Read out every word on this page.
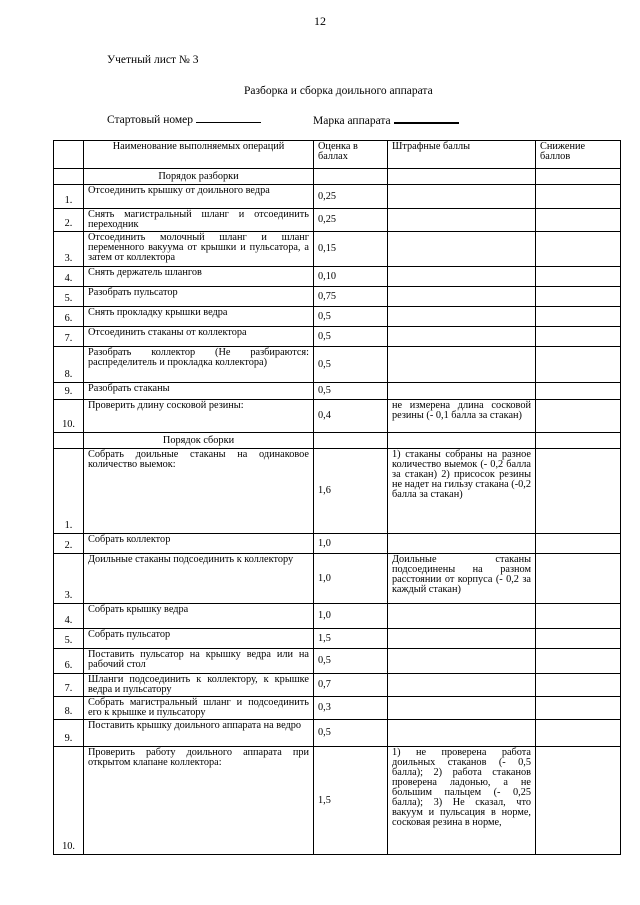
12
Учетный лист № 3
Разборка и сборка доильного аппарата
Стартовый номер	Марка аппарата
	Наименование выполняемых операций	Оценка в баллах	Штрафные баллы	Снижение баллов
	Порядок разборки			
1.	Отсоединить крышку от доильного ведра	0,25		
2.	Снять магистральный шланг и отсоединить переходник	0,25		
3.	Отсоединить молочный шланг и шланг переменного вакуума от крышки и пульсатора, а затем от коллектора	0,15		
4.	Снять держатель шлангов	0,10		
5.	Разобрать пульсатор	0,75		
6.	Снять прокладку крышки ведра	0,5		
7.	Отсоединить стаканы от коллектора	0,5		
8.	Разобрать коллектор (Не разбираются: распределитель и прокладка коллектора)	0,5		
9.	Разобрать стаканы	0,5		
10.	Проверить длину сосковой резины:	0,4	не измерена длина сосковой резины (- 0,1 балла за стакан)	
	Порядок сборки			
1.	Собрать доильные стаканы на одинаковое количество выемок:	1,6	1) стаканы собраны на разное количество выемок (- 0,2 балла за стакан) 2) присосок резины не надет на гильзу стакана (-0,2 балла за стакан)	
2.	Собрать коллектор	1,0		
3.	Доильные стаканы подсоединить к коллектору	1,0	Доильные стаканы подсоединены на разном расстоянии от корпуса (- 0,2 за каждый стакан)	
4.	Собрать крышку ведра	1,0		
5.	Собрать пульсатор	1,5		
6.	Поставить пульсатор на крышку ведра или на рабочий стол	0,5		
7.	Шланги подсоединить к коллектору, к крышке ведра и пульсатору	0,7		
8.	Собрать магистральный шланг и подсоединить его к крышке и пульсатору	0,3		
9.	Поставить крышку доильного аппарата на ведро	0,5		
10.	Проверить работу доильного аппарата при открытом клапане коллектора:	1,5	1) не проверена работа доильных стаканов (- 0,5 балла); 2) работа стаканов проверена ладонью, а не большим пальцем (- 0,25 балла); 3) Не сказал, что вакуум и пульсация в норме, сосковая резина в норме,	
